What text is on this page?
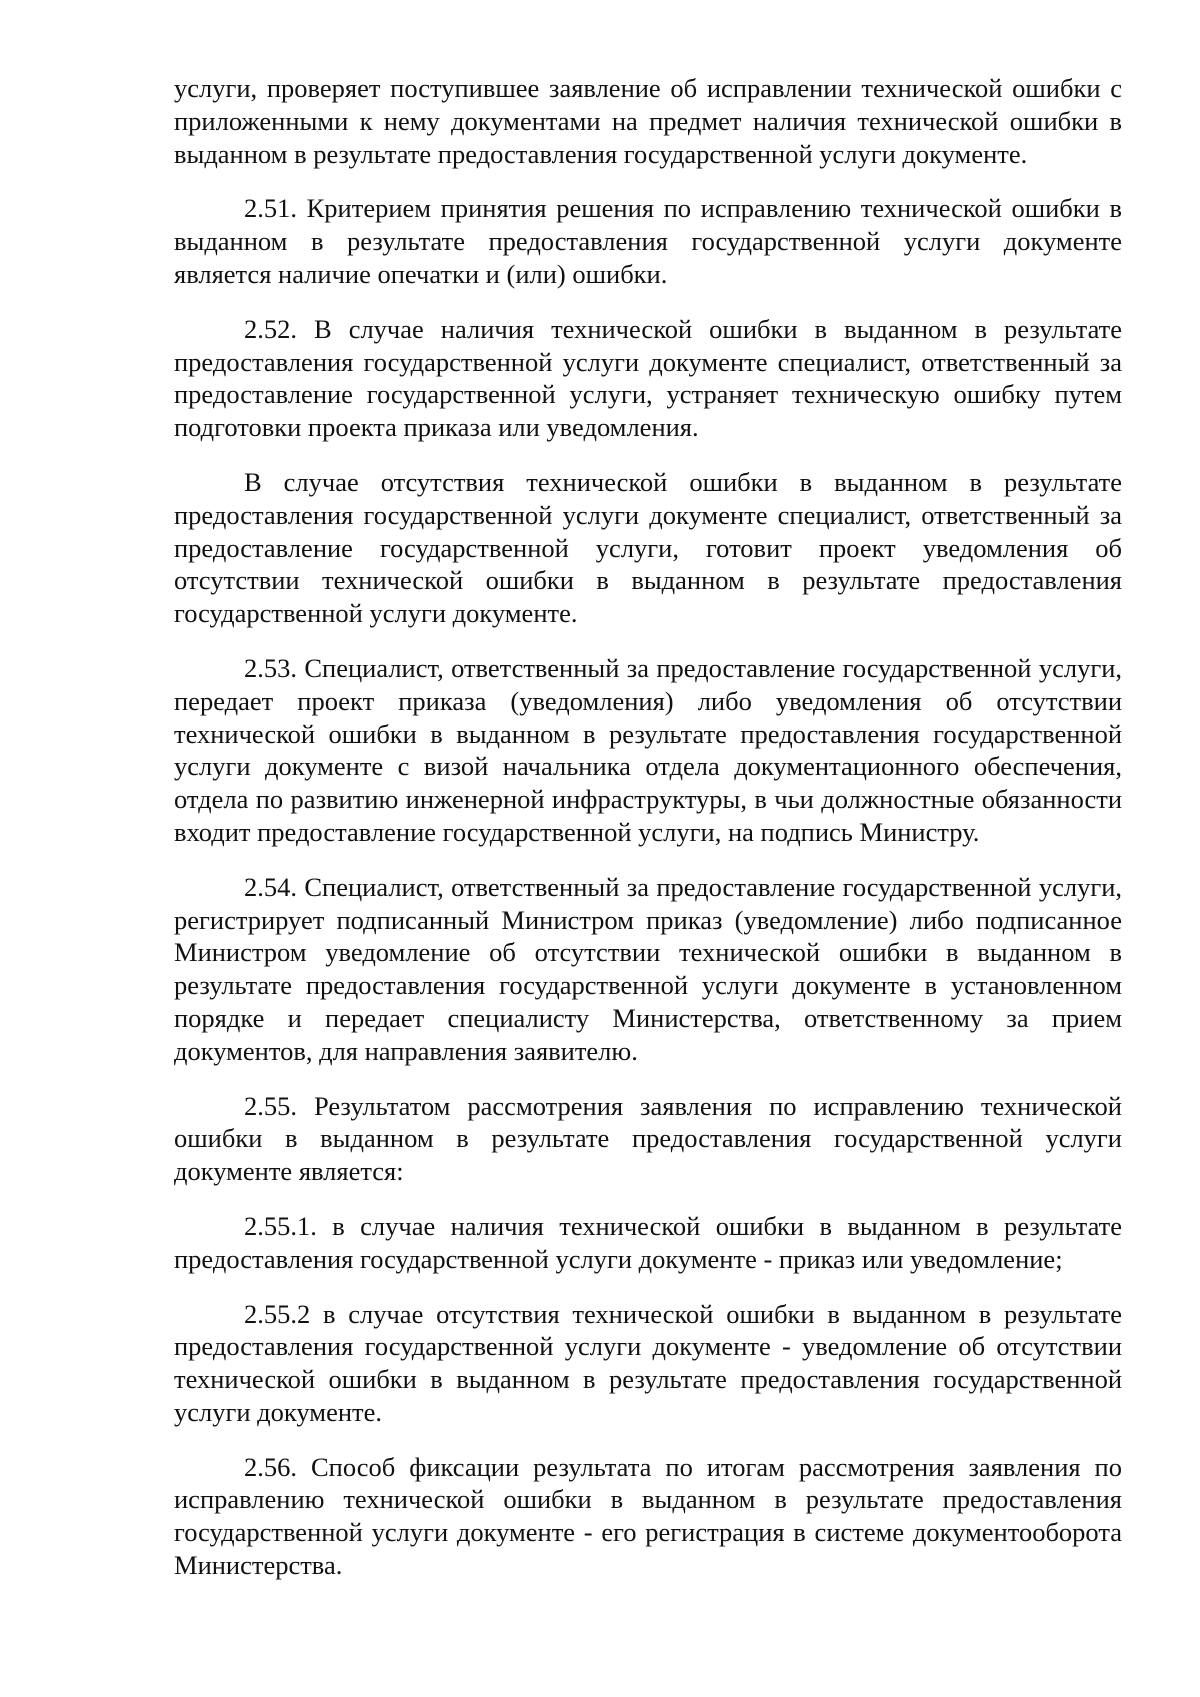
услуги, проверяет поступившее заявление об исправлении технической ошибки с приложенными к нему документами на предмет наличия технической ошибки в выданном в результате предоставления государственной услуги документе.

2.51. Критерием принятия решения по исправлению технической ошибки в выданном в результате предоставления государственной услуги документе является наличие опечатки и (или) ошибки.

2.52. В случае наличия технической ошибки в выданном в результате предоставления государственной услуги документе специалист, ответственный за предоставление государственной услуги, устраняет техническую ошибку путем подготовки проекта приказа или уведомления.

В случае отсутствия технической ошибки в выданном в результате предоставления государственной услуги документе специалист, ответственный за предоставление государственной услуги, готовит проект уведомления об отсутствии технической ошибки в выданном в результате предоставления государственной услуги документе.

2.53. Специалист, ответственный за предоставление государственной услуги, передает проект приказа (уведомления) либо уведомления об отсутствии технической ошибки в выданном в результате предоставления государственной услуги документе с визой начальника отдела документационного обеспечения, отдела по развитию инженерной инфраструктуры, в чьи должностные обязанности входит предоставление государственной услуги, на подпись Министру.

2.54. Специалист, ответственный за предоставление государственной услуги, регистрирует подписанный Министром приказ (уведомление) либо подписанное Министром уведомление об отсутствии технической ошибки в выданном в результате предоставления государственной услуги документе в установленном порядке и передает специалисту Министерства, ответственному за прием документов, для направления заявителю.

2.55. Результатом рассмотрения заявления по исправлению технической ошибки в выданном в результате предоставления государственной услуги документе является:

2.55.1. в случае наличия технической ошибки в выданном в результате предоставления государственной услуги документе - приказ или уведомление;

2.55.2 в случае отсутствия технической ошибки в выданном в результате предоставления государственной услуги документе - уведомление об отсутствии технической ошибки в выданном в результате предоставления государственной услуги документе.

2.56. Способ фиксации результата по итогам рассмотрения заявления по исправлению технической ошибки в выданном в результате предоставления государственной услуги документе - его регистрация в системе документооборота Министерства.
